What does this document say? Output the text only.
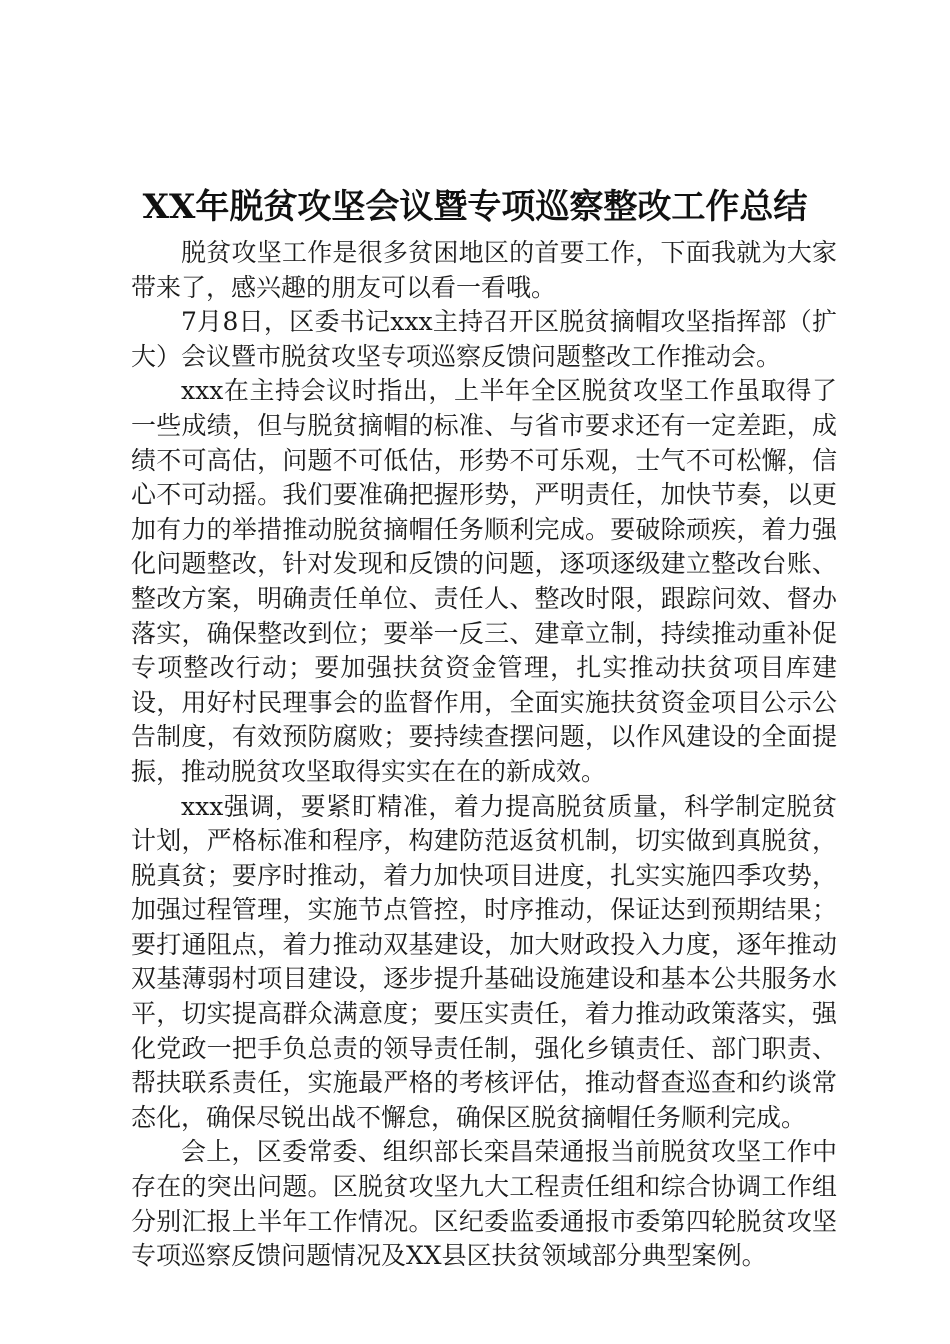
XX年脱贫攻坚会议暨专项巡察整改工作总结

脱贫攻坚工作是很多贫困地区的首要工作，下面我就为大家带来了，感兴趣的朋友可以看一看哦。

7月8日，区委书记xxx主持召开区脱贫摘帽攻坚指挥部（扩大）会议暨市脱贫攻坚专项巡察反馈问题整改工作推动会。

xxx在主持会议时指出，上半年全区脱贫攻坚工作虽取得了一些成绩，但与脱贫摘帽的标准、与省市要求还有一定差距，成绩不可高估，问题不可低估，形势不可乐观，士气不可松懈，信心不可动摇。我们要准确把握形势，严明责任，加快节奏，以更加有力的举措推动脱贫摘帽任务顺利完成。要破除顽疾，着力强化问题整改，针对发现和反馈的问题，逐项逐级建立整改台账、整改方案，明确责任单位、责任人、整改时限，跟踪问效、督办落实，确保整改到位；要举一反三、建章立制，持续推动重补促专项整改行动；要加强扶贫资金管理，扎实推动扶贫项目库建设，用好村民理事会的监督作用，全面实施扶贫资金项目公示公告制度，有效预防腐败；要持续查摆问题，以作风建设的全面提振，推动脱贫攻坚取得实实在在的新成效。

xxx强调，要紧盯精准，着力提高脱贫质量，科学制定脱贫计划，严格标准和程序，构建防范返贫机制，切实做到真脱贫，脱真贫；要序时推动，着力加快项目进度，扎实实施四季攻势，加强过程管理，实施节点管控，时序推动，保证达到预期结果；要打通阻点，着力推动双基建设，加大财政投入力度，逐年推动双基薄弱村项目建设，逐步提升基础设施建设和基本公共服务水平，切实提高群众满意度；要压实责任，着力推动政策落实，强化党政一把手负总责的领导责任制，强化乡镇责任、部门职责、帮扶联系责任，实施最严格的考核评估，推动督查巡查和约谈常态化，确保尽锐出战不懈怠，确保区脱贫摘帽任务顺利完成。

会上，区委常委、组织部长栾昌荣通报当前脱贫攻坚工作中存在的突出问题。区脱贫攻坚九大工程责任组和综合协调工作组分别汇报上半年工作情况。区纪委监委通报市委第四轮脱贫攻坚专项巡察反馈问题情况及XX县区扶贫领域部分典型案例。
